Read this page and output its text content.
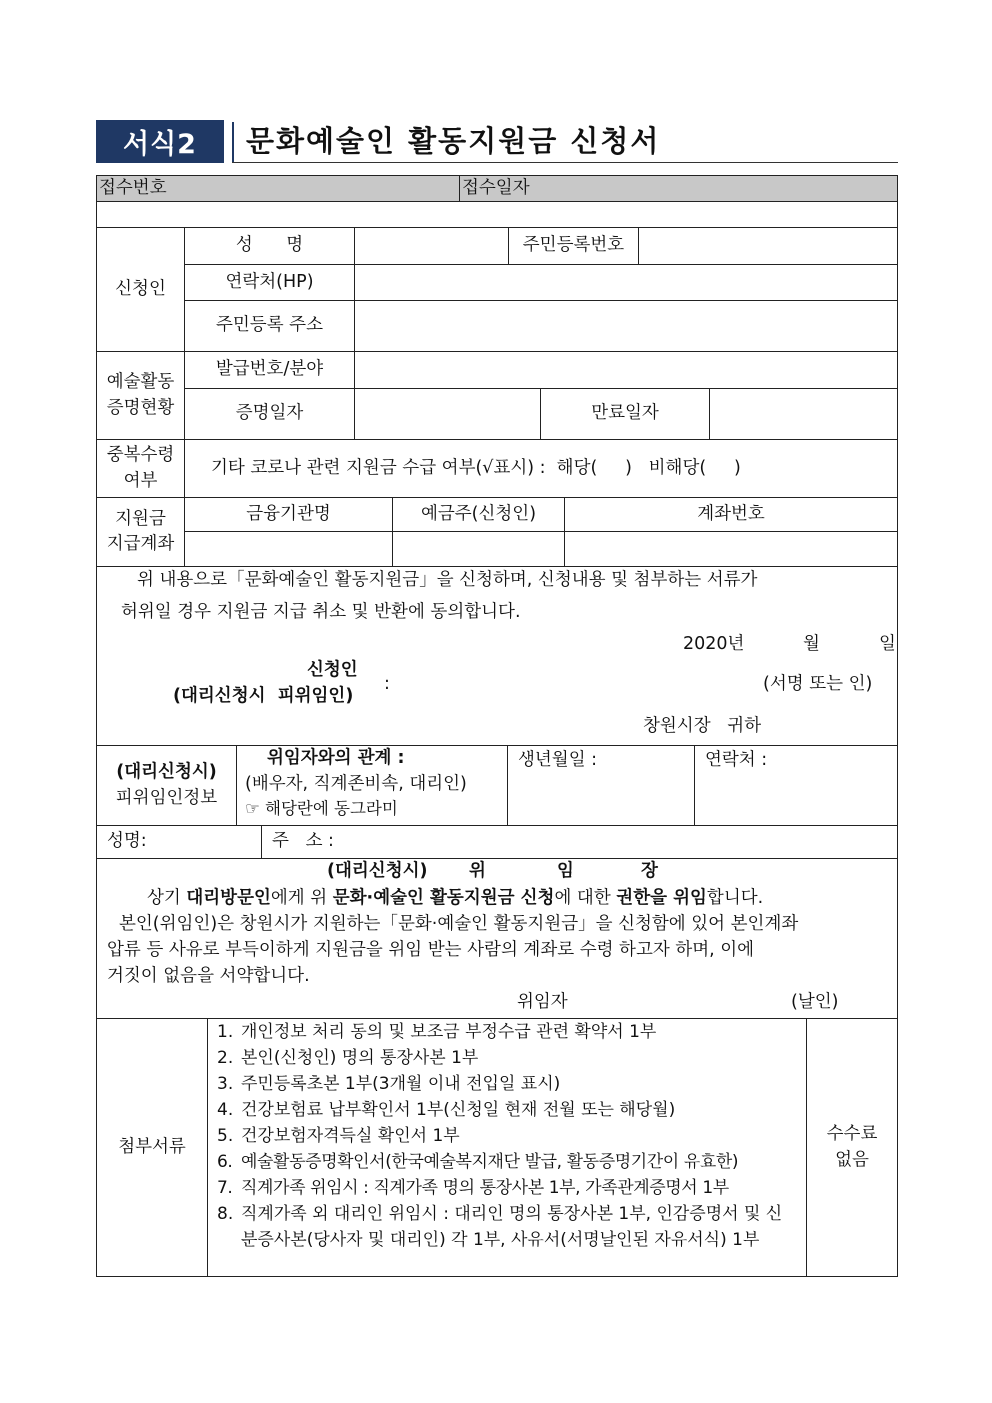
서식2	문화예술인 활동지원금 신청서
접수번호	접수일자
신청인
성      명	주민등록번호
연락처(HP)
주민등록 주소
예술활동
증명현황
발급번호/분야
증명일자	만료일자
중복수령
여부
기타 코로나 관련 지원금 수급 여부(√표시) :  해당(     )   비해당(     )
지원금
지급계좌
금융기관명	예금주(신청인)	계좌번호
위 내용으로「문화예술인 활동지원금」을 신청하며, 신청내용 및 첨부하는 서류가
허위일 경우 지원금 지급 취소 및 반환에 동의합니다.
2020년	월	일
신청인
(대리신청시  피위임인)
:	(서명 또는 인)
창원시장   귀하
(대리신청시)
피위임인정보
위임자와의 관계 :
(배우자, 직계존비속, 대리인)
☞ 해당란에 동그라미
생년월일 :	연락처 :
성명:	주   소 :
(대리신청시) 위	임	장
상기 대리방문인에게 위 문화·예술인 활동지원금 신청에 대한 권한을 위임합니다.
본인(위임인)은 창원시가 지원하는「문화·예술인 활동지원금」을 신청함에 있어 본인계좌
압류 등 사유로 부득이하게 지원금을 위임 받는 사람의 계좌로 수령 하고자 하며, 이에
거짓이 없음을 서약합니다.
위임자	(날인)
첨부서류
1. 개인정보 처리 동의 및 보조금 부정수급 관련 확약서 1부
2. 본인(신청인) 명의 통장사본 1부
3. 주민등록초본 1부(3개월 이내 전입일 표시)
4. 건강보험료 납부확인서 1부(신청일 현재 전월 또는 해당월)
5. 건강보험자격득실 확인서 1부
6. 예술활동증명확인서(한국예술복지재단 발급, 활동증명기간이 유효한)
7. 직계가족 위임시 : 직계가족 명의 통장사본 1부, 가족관계증명서 1부
8. 직계가족 외 대리인 위임시 : 대리인 명의 통장사본 1부, 인감증명서 및 신분증사본(당사자 및 대리인) 각 1부, 사유서(서명날인된 자유서식) 1부
수수료
없음
